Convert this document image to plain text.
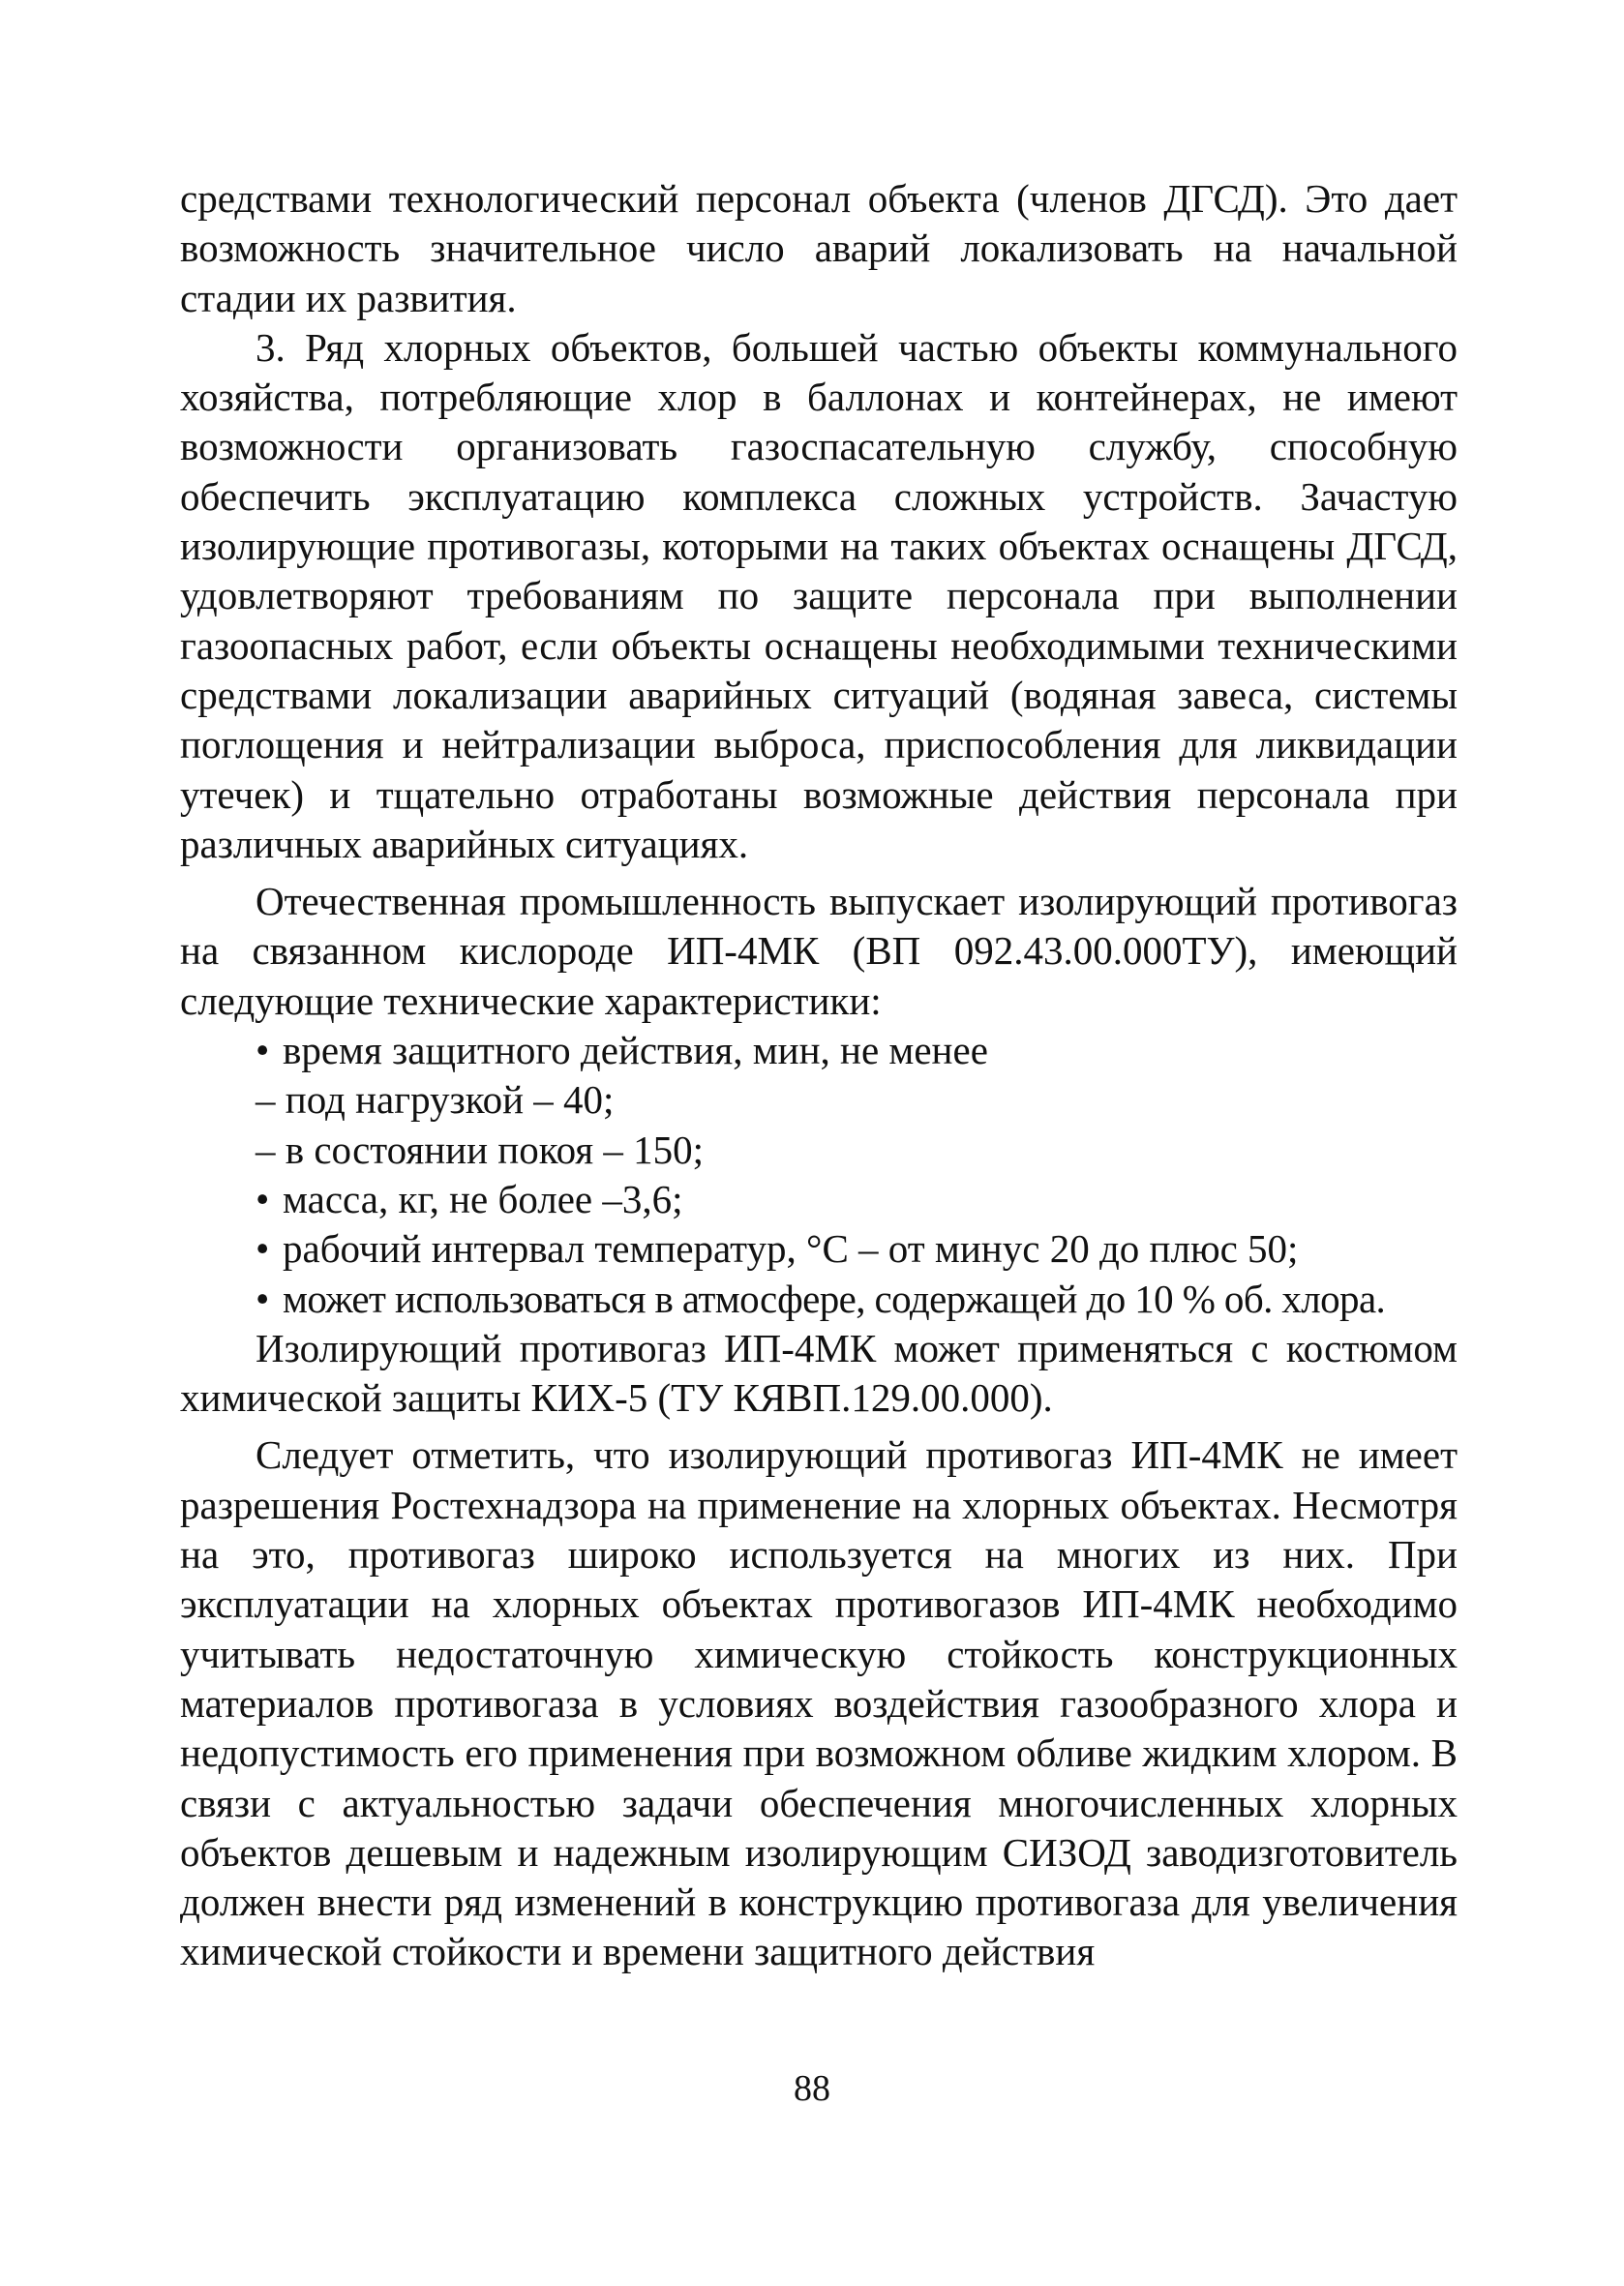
средствами технологический персонал объекта (членов ДГСД). Это дает возможность значительное число аварий локализовать на начальной стадии их развития.

3. Ряд хлорных объектов, большей частью объекты коммунального хозяйства, потребляющие хлор в баллонах и контейнерах, не имеют возможности организовать газоспасательную службу, способную обеспечить эксплуатацию комплекса сложных устройств. Зачастую изолирующие противогазы, которыми на таких объектах оснащены ДГСД, удовлетворяют требованиям по защите персонала при выполнении газоопасных работ, если объекты оснащены необходимыми техническими средствами локализации аварийных ситуаций (водяная завеса, системы поглощения и нейтрализации выброса, приспособления для ликвидации утечек) и тщательно отработаны возможные действия персонала при различных аварийных ситуациях.

Отечественная промышленность выпускает изолирующий противогаз на связанном кислороде ИП-4МК (ВП 092.43.00.000ТУ), имеющий следующие технические характеристики:

• время защитного действия, мин, не менее
– под нагрузкой – 40;
– в состоянии покоя – 150;
• масса, кг, не более –3,6;
• рабочий интервал температур, °С – от минус 20 до плюс 50;
• может использоваться в атмосфере, содержащей до 10 % об. хлора.

Изолирующий противогаз ИП-4МК может применяться с костюмом химической защиты КИХ-5 (ТУ КЯВП.129.00.000).

Следует отметить, что изолирующий противогаз ИП-4МК не имеет разрешения Ростехнадзора на применение на хлорных объектах. Несмотря на это, противогаз широко используется на многих из них. При эксплуатации на хлорных объектах противогазов ИП-4МК необходимо учитывать недостаточную химическую стойкость конструкционных материалов противогаза в условиях воздействия газообразного хлора и недопустимость его применения при возможном обливе жидким хлором. В связи с актуальностью задачи обеспечения многочисленных хлорных объектов дешевым и надежным изолирующим СИЗОД заводизготовитель должен внести ряд изменений в конструкцию противогаза для увеличения химической стойкости и времени защитного действия

88
